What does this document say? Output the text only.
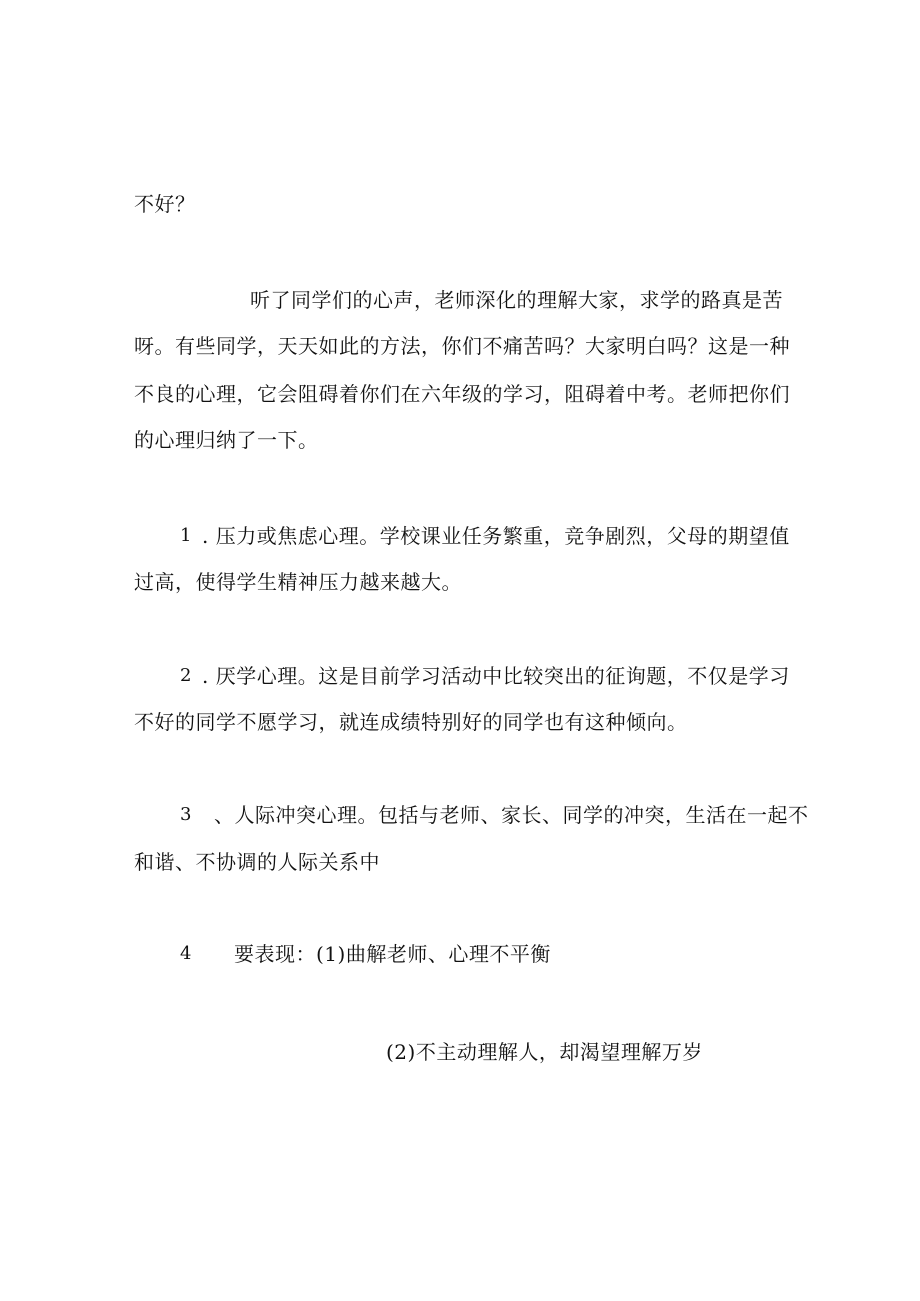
不好？
听了同学们的心声，老师深化的理解大家，求学的路真是苦
呀。有些同学，天天如此的方法，你们不痛苦吗？大家明白吗？这是一种
不良的心理，它会阻碍着你们在六年级的学习，阻碍着中考。老师把你们
的心理归纳了一下。
1 . 压力或焦虑心理。学校课业任务繁重，竞争剧烈，父母的期望值
过高，使得学生精神压力越来越大。
2 . 厌学心理。这是目前学习活动中比较突出的征询题，不仅是学习
不好的同学不愿学习，就连成绩特别好的同学也有这种倾向。
3 、人际冲突心理。包括与老师、家长、同学的冲突，生活在一起不
和谐、不协调的人际关系中
4 要表现：(1)曲解老师、心理不平衡
(2)不主动理解人，却渴望理解万岁
